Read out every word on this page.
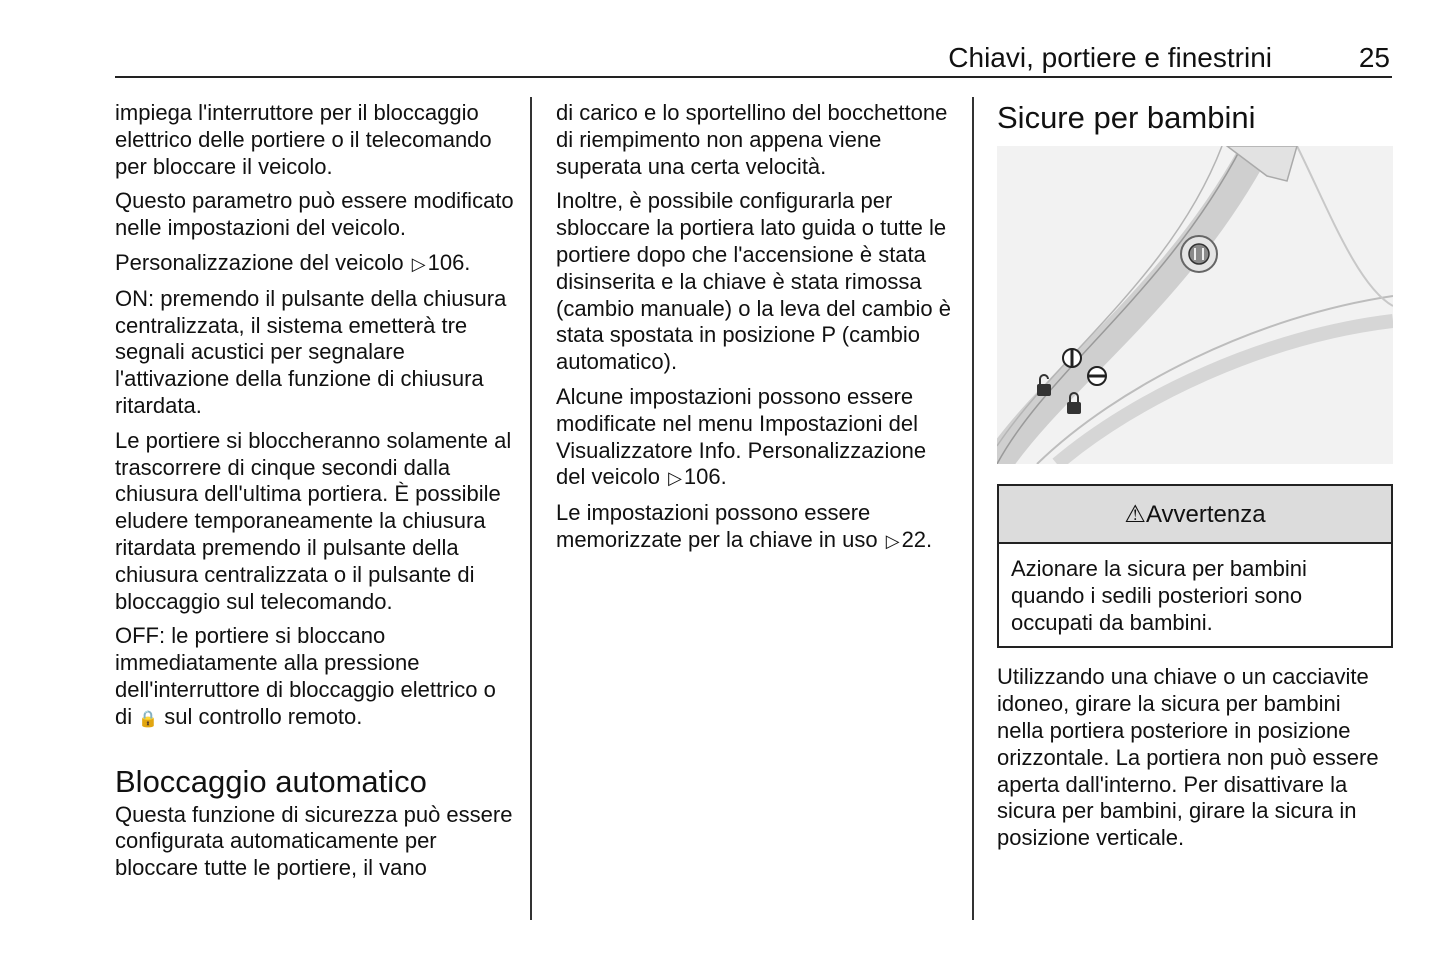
Chiavi, portiere e finestrini	25

impiega l'interruttore per il bloccaggio elettrico delle portiere o il telecomando per bloccare il veicolo.

Questo parametro può essere modificato nelle impostazioni del veicolo.

Personalizzazione del veicolo ▷106.

ON: premendo il pulsante della chiusura centralizzata, il sistema emetterà tre segnali acustici per segnalare l'attivazione della funzione di chiusura ritardata.

Le portiere si bloccheranno solamente al trascorrere di cinque secondi dalla chiusura dell'ultima portiera. È possibile eludere temporaneamente la chiusura ritardata premendo il pulsante della chiusura centralizzata o il pulsante di bloccaggio sul telecomando.

OFF: le portiere si bloccano immediatamente alla pressione dell'interruttore di bloccaggio elettrico o di 🔒 sul controllo remoto.

Bloccaggio automatico

Questa funzione di sicurezza può essere configurata automaticamente per bloccare tutte le portiere, il vano

di carico e lo sportellino del bocchettone di riempimento non appena viene superata una certa velocità.

Inoltre, è possibile configurarla per sbloccare la portiera lato guida o tutte le portiere dopo che l'accensione è stata disinserita e la chiave è stata rimossa (cambio manuale) o la leva del cambio è stata spostata in posizione P (cambio automatico).

Alcune impostazioni possono essere modificate nel menu Impostazioni del Visualizzatore Info. Personalizzazione del veicolo ▷106.

Le impostazioni possono essere memorizzate per la chiave in uso ▷22.

Sicure per bambini
⚠Avvertenza
Azionare la sicura per bambini quando i sedili posteriori sono occupati da bambini.

Utilizzando una chiave o un cacciavite idoneo, girare la sicura per bambini nella portiera posteriore in posizione orizzontale. La portiera non può essere aperta dall'interno. Per disattivare la sicura per bambini, girare la sicura in posizione verticale.
